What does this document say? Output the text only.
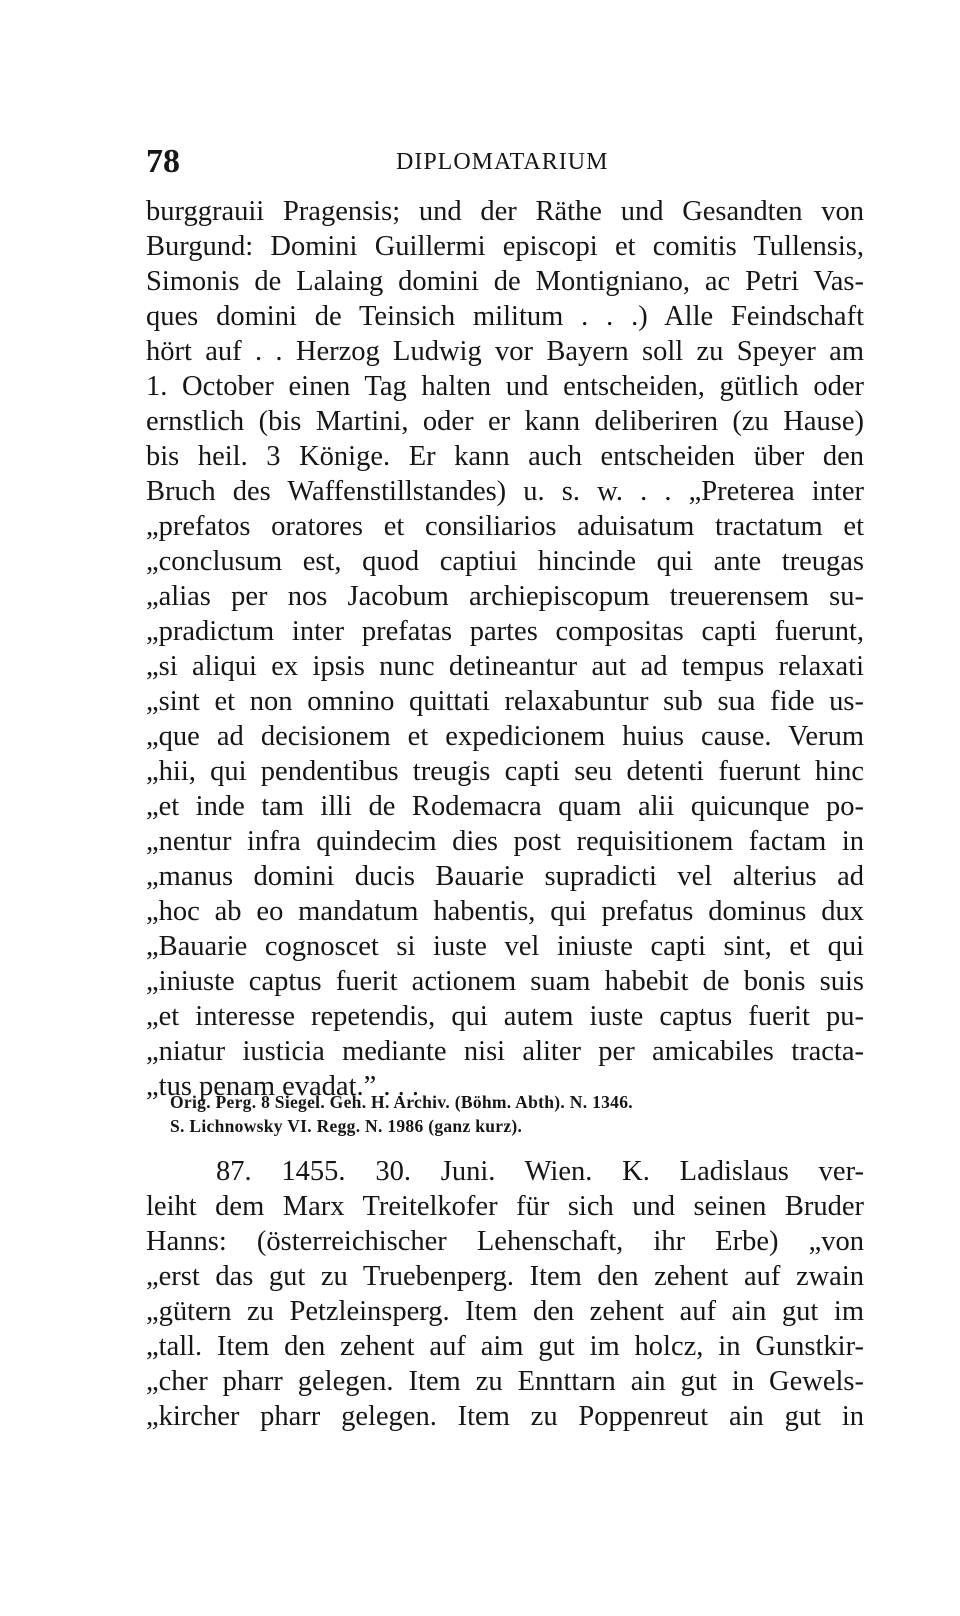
78	DIPLOMATARIUM
burggrauii Pragensis; und der Räthe und Gesandten von
Burgund: Domini Guillermi episcopi et comitis Tullensis,
Simonis de Lalaing domini de Montigniano, ac Petri Vas-
ques domini de Teinsich militum . . .) Alle Feindschaft
hört auf . . Herzog Ludwig vor Bayern soll zu Speyer am
1. October einen Tag halten und entscheiden, gütlich oder
ernstlich (bis Martini, oder er kann deliberiren (zu Hause)
bis heil. 3 Könige. Er kann auch entscheiden über den
Bruch des Waffenstillstandes) u. s. w. . . „Preterea inter
„prefatos oratores et consiliarios aduisatum tractatum et
„conclusum est, quod captiui hincinde qui ante treugas
„alias per nos Jacobum archiepiscopum treuerensem su-
„pradictum inter prefatas partes compositas capti fuerunt,
„si aliqui ex ipsis nunc detineantur aut ad tempus relaxati
„sint et non omnino quittati relaxabuntur sub sua fide us-
„que ad decisionem et expedicionem huius cause. Verum
„hii, qui pendentibus treugis capti seu detenti fuerunt hinc
„et inde tam illi de Rodemacra quam alii quicunque po-
„nentur infra quindecim dies post requisitionem factam in
„manus domini ducis Bauarie supradicti vel alterius ad
„hoc ab eo mandatum habentis, qui prefatus dominus dux
„Bauarie cognoscet si iuste vel iniuste capti sint, et qui
„iniuste captus fuerit actionem suam habebit de bonis suis
„et interesse repetendis, qui autem iuste captus fuerit pu-
„niatur iusticia mediante nisi aliter per amicabiles tracta-
„tus penam evadat.” . . .
Orig. Perg. 8 Siegel. Geh. H. Archiv. (Böhm. Abth). N. 1346.
S. Lichnowsky VI. Regg. N. 1986 (ganz kurz).
87. 1455. 30. Juni. Wien. K. Ladislaus ver-
leiht dem Marx Treitelkofer für sich und seinen Bruder
Hanns: (österreichischer Lehenschaft, ihr Erbe) „von
„erst das gut zu Truebenperg. Item den zehent auf zwain
„gütern zu Petzleinsperg. Item den zehent auf ain gut im
„tall. Item den zehent auf aim gut im holcz, in Gunstkir-
„cher pharr gelegen. Item zu Ennttarn ain gut in Gewels-
„kircher pharr gelegen. Item zu Poppenreut ain gut in
